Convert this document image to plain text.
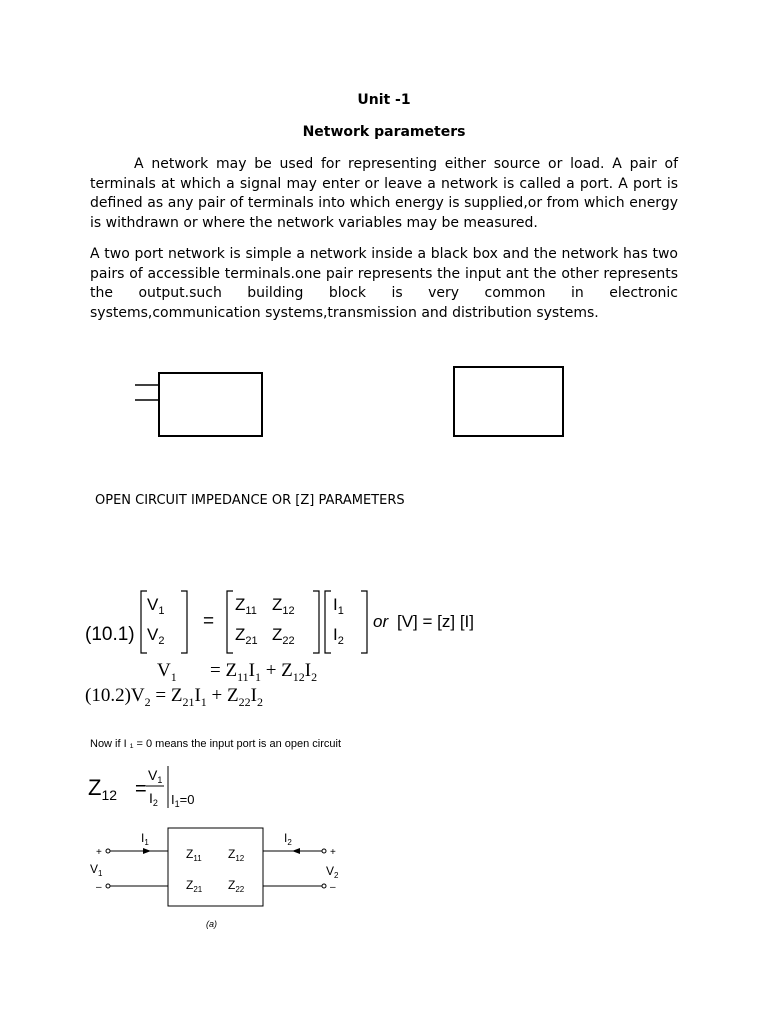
Unit -1
Network parameters
A network may be used for representing either source or load. A pair of terminals at which a signal may enter or leave a network is called a port. A port is defined as any pair of terminals into which energy is supplied,or from which energy is withdrawn or where the network variables may be measured.
A two port network is simple a network inside a black box and the network has two pairs of accessible terminals.one pair represents the input ant the other represents the output.such building block is very common in electronic systems,communication systems,transmission and distribution systems.
OPEN CIRCUIT IMPEDANCE OR [Z] PARAMETERS
(10.1)
$V_1$
$V_2$
=
$Z_{11}$ $Z_{12}$
$Z_{21}$ $Z_{22}$
$I_1$
$I_2$
or [V] = [z] [I]
$V_1 = Z_{11}I_1 + Z_{12}I_2$
$(10.2)V_2 = Z_{21}I_1 + Z_{22}I_2$
Now if I ₁ = 0 means the input port is an open circuit
$Z_{12}$ =
$V_1$
$I_2$ $I_1=0$
$Z_{11}$ $Z_{12}$
$Z_{21}$ $Z_{22}$
+
–
$V_1$
$I_1$
+
–
$V_2$
$I_2$
(a)
